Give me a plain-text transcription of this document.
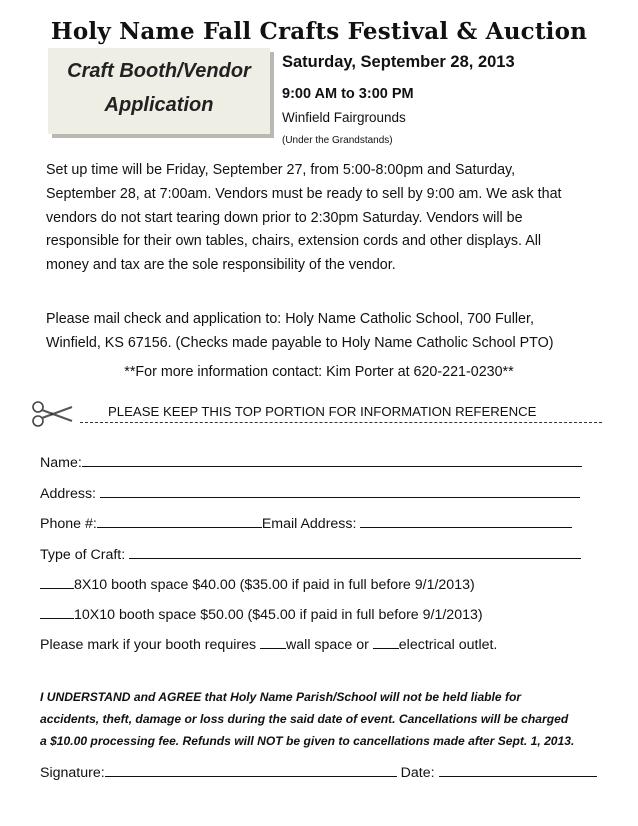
Holy Name Fall Crafts Festival & Auction
Craft Booth/Vendor
Application
Saturday, September 28, 2013
9:00 AM to 3:00 PM
Winfield Fairgrounds
(Under the Grandstands)
Set up time will be Friday, September 27, from 5:00-8:00pm and Saturday,
September 28, at 7:00am. Vendors must be ready to sell by 9:00 am. We ask that
vendors do not start tearing down prior to 2:30pm Saturday. Vendors will be
responsible for their own tables, chairs, extension cords and other displays. All
money and tax are the sole responsibility of the vendor.
Please mail check and application to: Holy Name Catholic School, 700 Fuller,
Winfield, KS 67156. (Checks made payable to Holy Name Catholic School PTO)
**For more information contact: Kim Porter at 620-221-0230**
PLEASE KEEP THIS TOP PORTION FOR INFORMATION REFERENCE
Name:
Address:
Phone #:	Email Address:
Type of Craft:
8X10 booth space $40.00 ($35.00 if paid in full before 9/1/2013)
10X10 booth space $50.00 ($45.00 if paid in full before 9/1/2013)
Please mark if your booth requires wall space or electrical outlet.
I UNDERSTAND and AGREE that Holy Name Parish/School will not be held liable for
accidents, theft, damage or loss during the said date of event. Cancellations will be charged
a $10.00 processing fee. Refunds will NOT be given to cancellations made after Sept. 1, 2013.
Signature:	Date:
